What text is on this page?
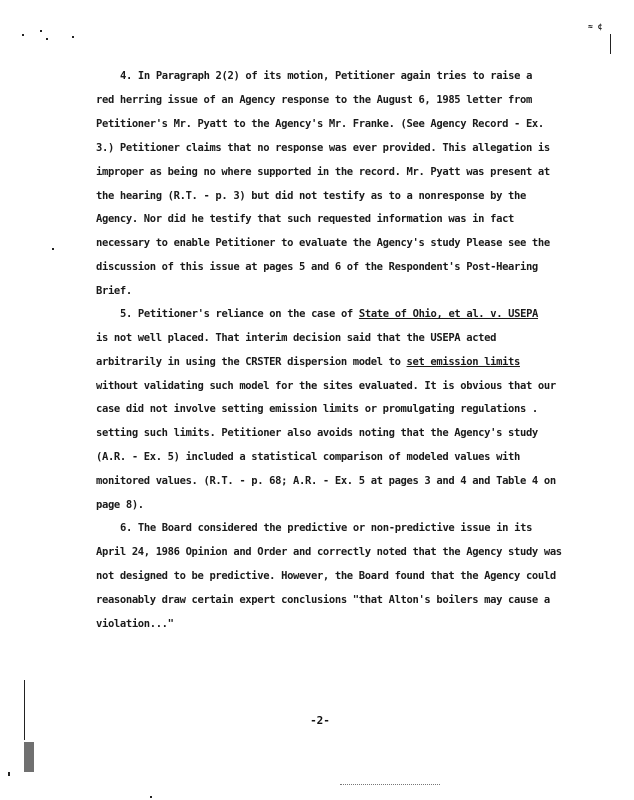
≈ ¢
4. In Paragraph 2(2) of its motion, Petitioner again tries to raise a
red herring issue of an Agency response to the August 6, 1985 letter from
Petitioner's Mr. Pyatt to the Agency's Mr. Franke. (See Agency Record - Ex.
3.) Petitioner claims that no response was ever provided. This allegation is
improper as being no where supported in the record. Mr. Pyatt was present at
the hearing (R.T. - p. 3) but did not testify as to a nonresponse by the
Agency. Nor did he testify that such requested information was in fact
necessary to enable Petitioner to evaluate the Agency's study Please see the
discussion of this issue at pages 5 and 6 of the Respondent's Post-Hearing
Brief.
5. Petitioner's reliance on the case of State of Ohio, et al. v. USEPA
is not well placed. That interim decision said that the USEPA acted
arbitrarily in using the CRSTER dispersion model to set emission limits
without validating such model for the sites evaluated. It is obvious that our
case did not involve setting emission limits or promulgating regulations .
setting such limits. Petitioner also avoids noting that the Agency's study
(A.R. - Ex. 5) included a statistical comparison of modeled values with
monitored values. (R.T. - p. 68; A.R. - Ex. 5 at pages 3 and 4 and Table 4 on
page 8).
6. The Board considered the predictive or non-predictive issue in its
April 24, 1986 Opinion and Order and correctly noted that the Agency study was
not designed to be predictive. However, the Board found that the Agency could
reasonably draw certain expert conclusions "that Alton's boilers may cause a
violation..."
-2-
